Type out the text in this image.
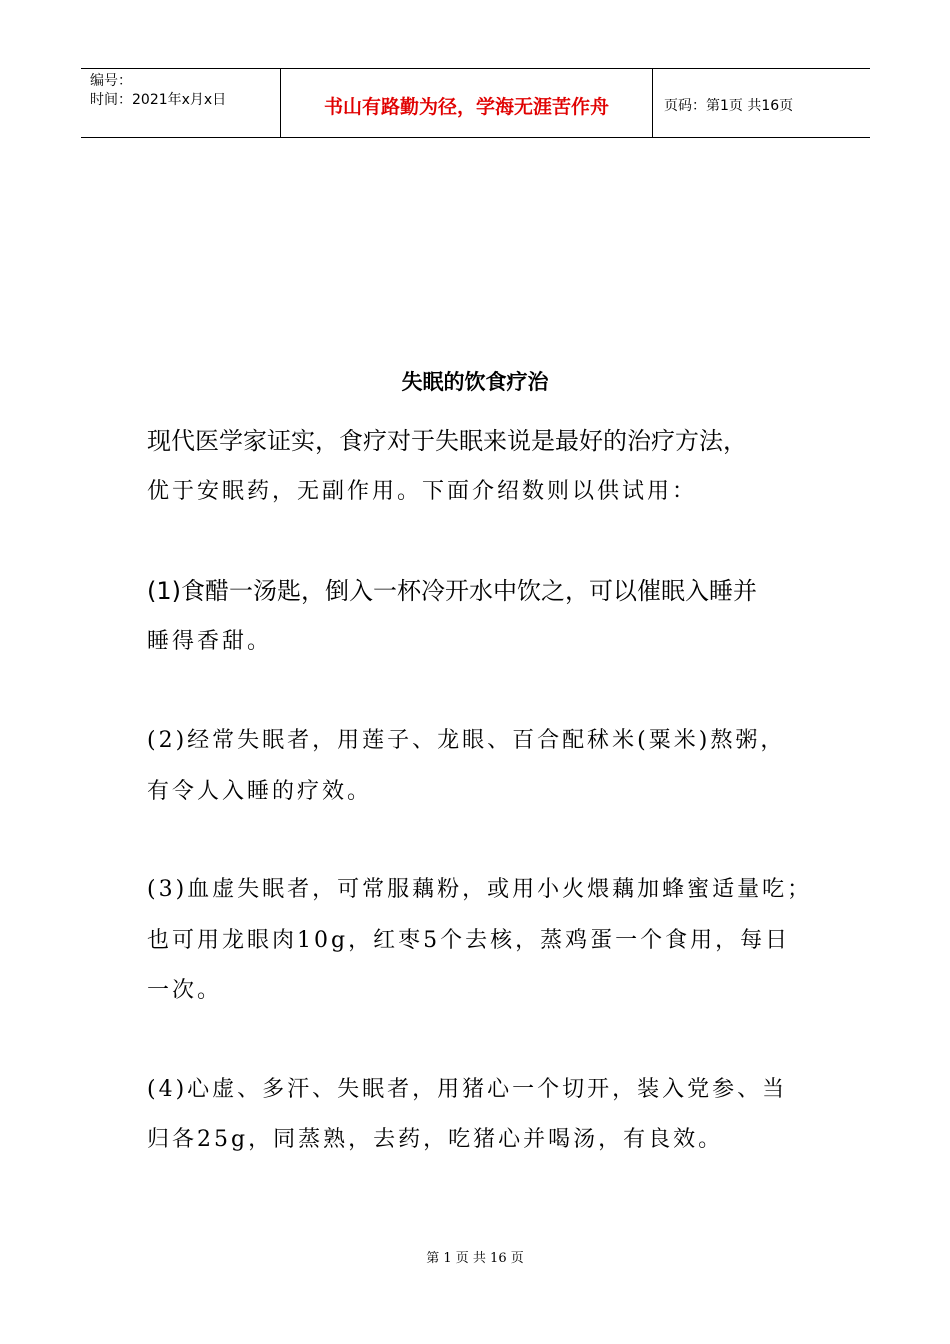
编号：
时间：2021年x月x日	书山有路勤为径，学海无涯苦作舟	页码：第1页 共16页
失眠的饮食疗治
现代医学家证实，食疗对于失眠来说是最好的治疗方法，
优于安眠药，无副作用。下面介绍数则以供试用：
(1)食醋一汤匙，倒入一杯冷开水中饮之，可以催眠入睡并
睡得香甜。
(2)经常失眠者，用莲子、龙眼、百合配秫米(粟米)熬粥，
有令人入睡的疗效。
(3)血虚失眠者，可常服藕粉，或用小火煨藕加蜂蜜适量吃；
也可用龙眼肉10g，红枣5个去核，蒸鸡蛋一个食用，每日
一次。
(4)心虚、多汗、失眠者，用猪心一个切开，装入党参、当
归各25g，同蒸熟，去药，吃猪心并喝汤，有良效。
第 1 页 共 16 页
